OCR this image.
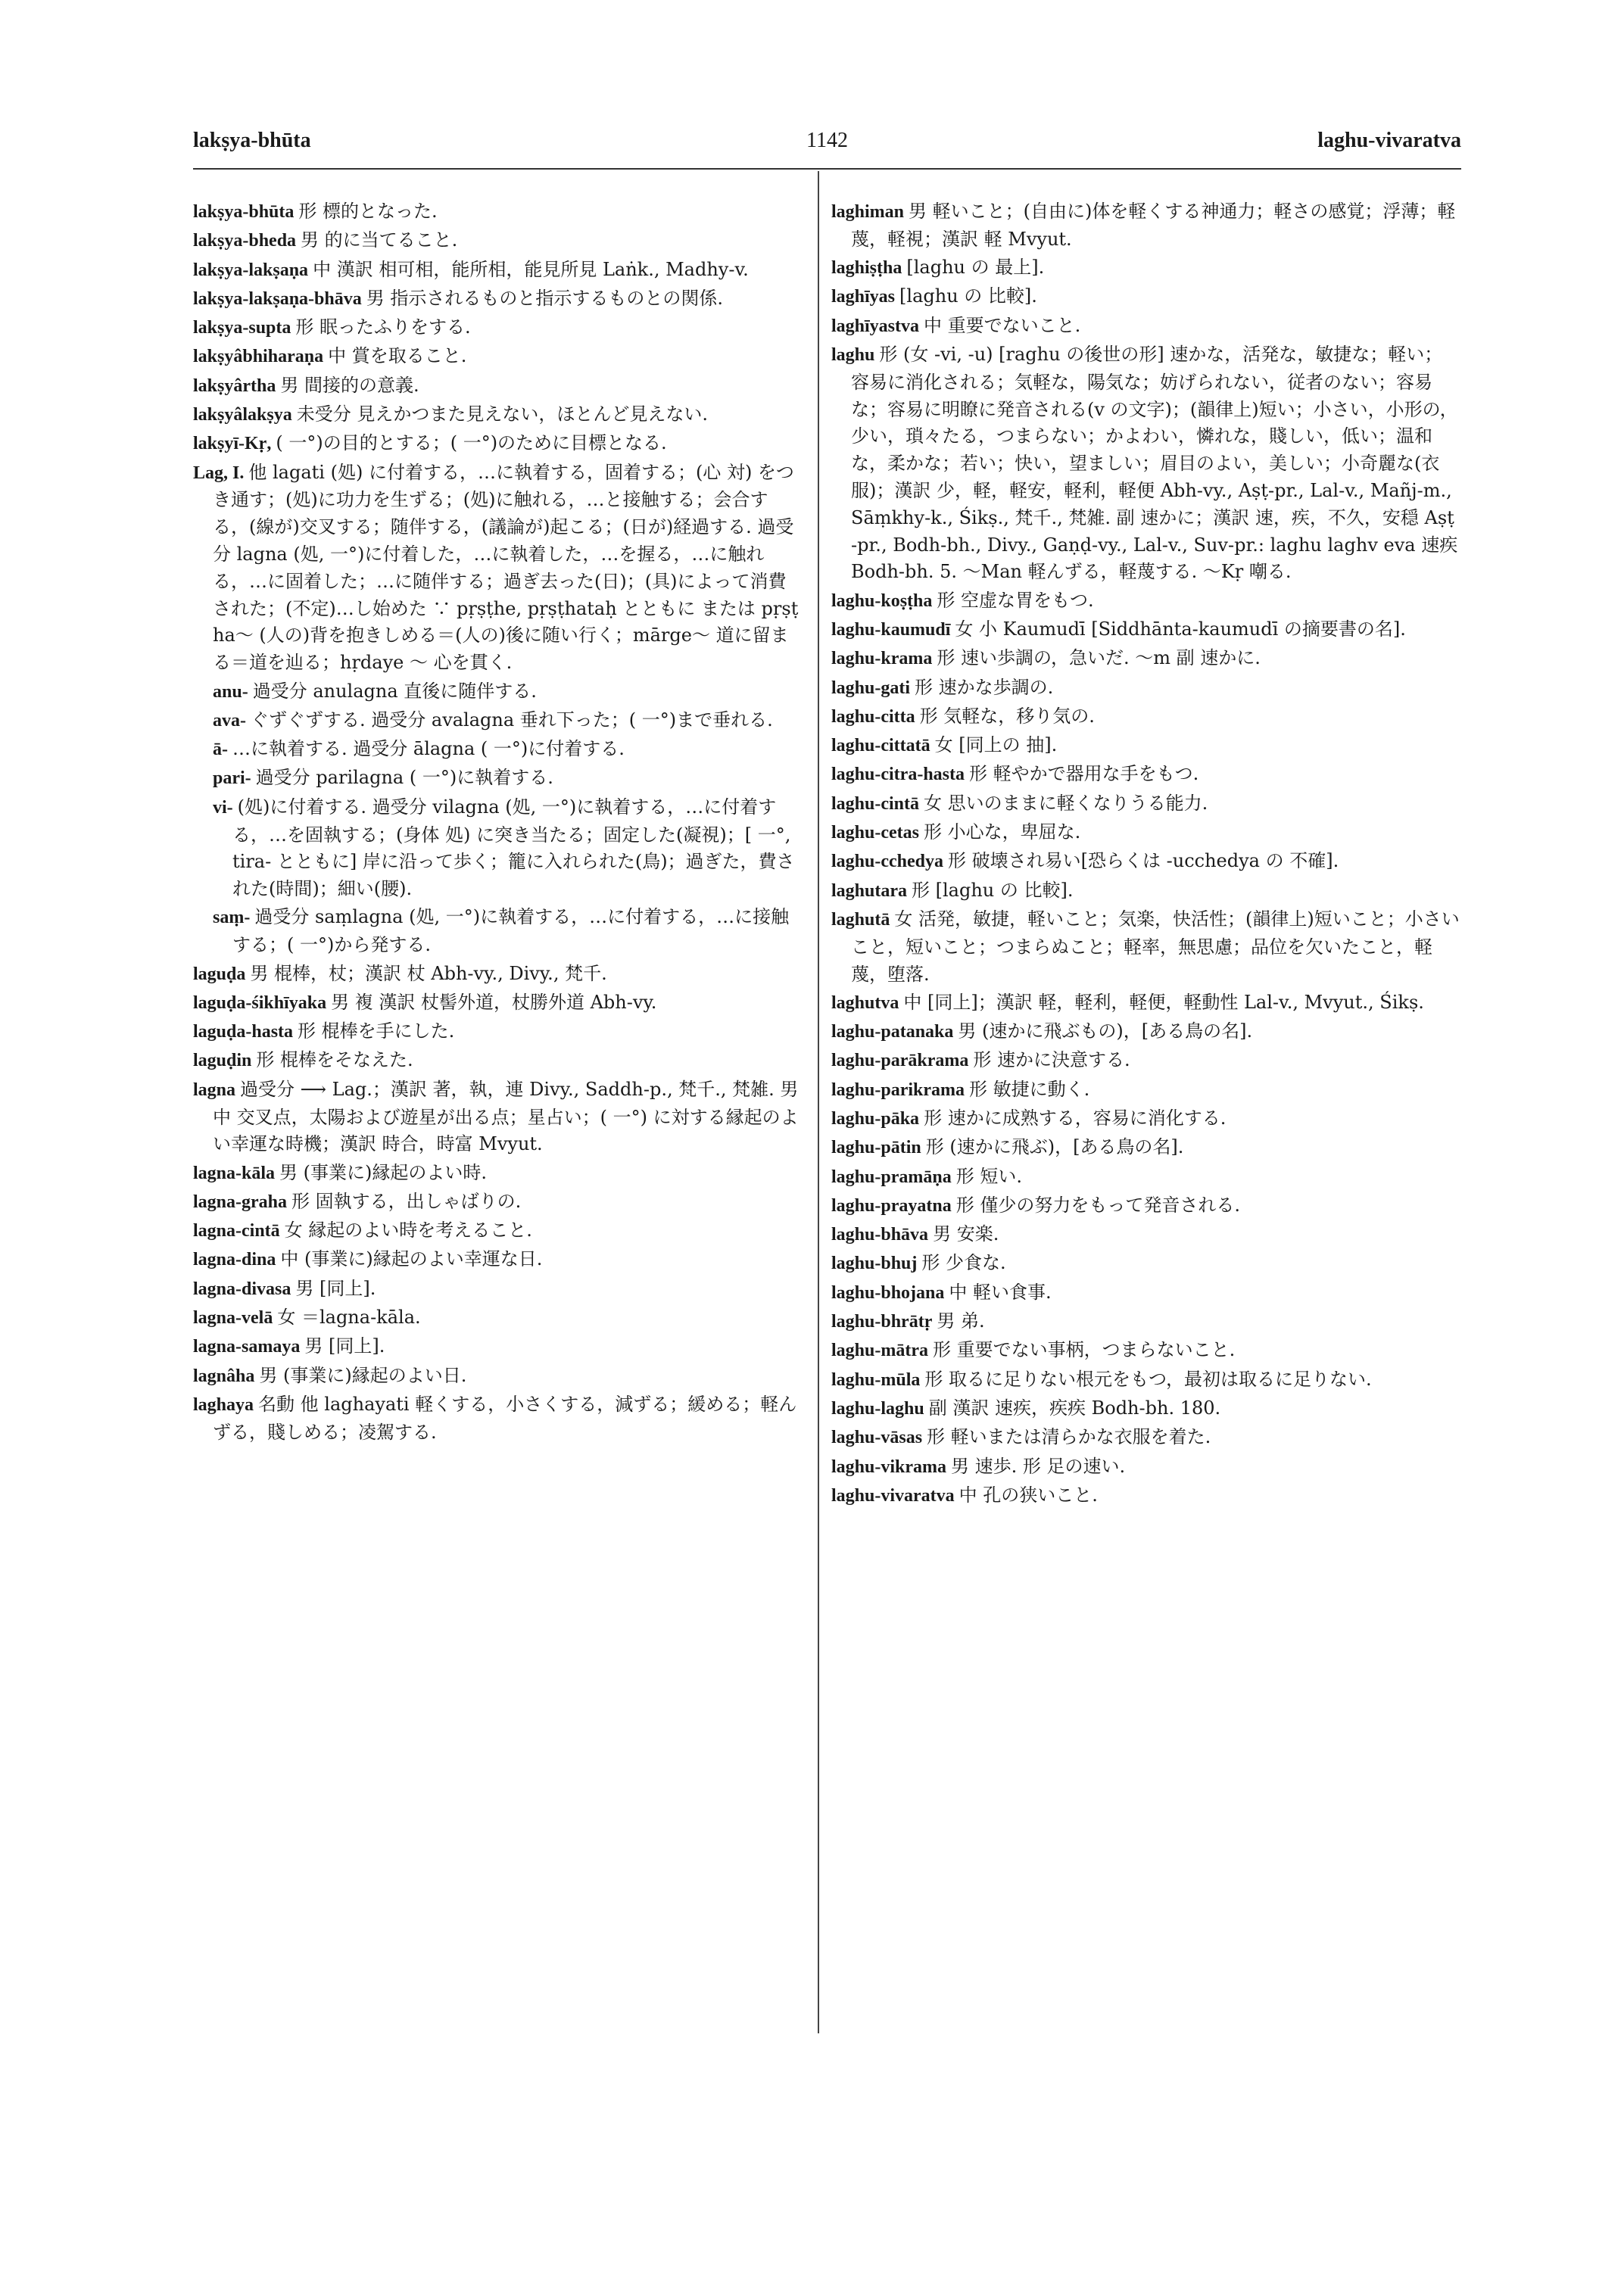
1142
lakṣya-bhūta	laghu-vivaratva
lakṣya-bhūta 形 標的となった.
lakṣya-bheda 男 的に当てること.
lakṣya-lakṣaṇa 中 漢訳 相可相，能所相，能見所見 Laṅk., Madhy-v.
lakṣya-lakṣaṇa-bhāva 男 指示されるものと指示するものとの関係.
lakṣya-supta 形 眠ったふりをする.
lakṣyâbhiharaṇa 中 賞を取ること.
lakṣyârtha 男 間接的の意義.
lakṣyâlakṣya 未受分 見えかつまた見えない，ほとんど見えない.
lakṣyī-Kṛ, ( 一°)の目的とする；( 一°)のために目標となる.
Lag, I. 他 lagati (処) に付着する，…に執着する，固着する；(心 対) をつき通す；(処)に功力を生ずる；(処)に触れる，…と接触する；会合する，(線が)交叉する；随伴する，(議論が)起こる；(日が)経過する. 過受分 lagna (処, 一°)に付着した，…に執着した，…を握る，…に触れる，…に固着した；…に随伴する；過ぎ去った(日)；(具)によって消費された；(不定)…し始めた ∵ pṛṣṭhe, pṛṣṭhataḥ とともに または pṛṣṭha～ (人の)背を抱きしめる＝(人の)後に随い行く；mārge～ 道に留まる＝道を辿る；hṛdaye ～ 心を貫く.
anu- 過受分 anulagna 直後に随伴する.
ava- ぐずぐずする. 過受分 avalagna 垂れ下った；( 一°)まで垂れる.
ā- …に執着する. 過受分 ālagna ( 一°)に付着する.
pari- 過受分 parilagna ( 一°)に執着する.
vi- (処)に付着する. 過受分 vilagna (処, 一°)に執着する，…に付着する，…を固執する；(身体 処) に突き当たる；固定した(凝視)；[ 一°, tira- とともに] 岸に沿って歩く；籠に入れられた(鳥)；過ぎた，費された(時間)；細い(腰).
saṃ- 過受分 saṃlagna (処, 一°)に執着する，…に付着する，…に接触する；( 一°)から発する.
laguḍa 男 棍棒，杖；漢訳 杖 Abh-vy., Divy., 梵千.
laguḍa-śikhīyaka 男 複 漢訳 杖髻外道，杖勝外道 Abh-vy.
laguḍa-hasta 形 棍棒を手にした.
laguḍin 形 棍棒をそなえた.
lagna 過受分 ⟶ Lag.；漢訳 著，執，連 Divy., Saddh-p., 梵千., 梵雑. 男 中 交叉点，太陽および遊星が出る点；星占い；( 一°) に対する縁起のよい幸運な時機；漢訳 時合，時富 Mvyut.
lagna-kāla 男 (事業に)縁起のよい時.
lagna-graha 形 固執する，出しゃばりの.
lagna-cintā 女 縁起のよい時を考えること.
lagna-dina 中 (事業に)縁起のよい幸運な日.
lagna-divasa 男 [同上].
lagna-velā 女 ＝lagna-kāla.
lagna-samaya 男 [同上].
lagnâha 男 (事業に)縁起のよい日.
laghaya 名動 他 laghayati 軽くする，小さくする，減ずる；緩める；軽んずる，賤しめる；凌駕する.
laghiman 男 軽いこと；(自由に)体を軽くする神通力；軽さの感覚；浮薄；軽蔑，軽視；漢訳 軽 Mvyut.
laghiṣṭha [laghu の 最上].
laghīyas [laghu の 比較].
laghīyastva 中 重要でないこと.
laghu 形 (女 -vi, -u) [raghu の後世の形] 速かな，活発な，敏捷な；軽い；容易に消化される；気軽な，陽気な；妨げられない，従者のない；容易な；容易に明瞭に発音される(v の文字)；(韻律上)短い；小さい，小形の，少い，瑣々たる，つまらない；かよわい，憐れな，賤しい，低い；温和な，柔かな；若い；快い，望ましい；眉目のよい，美しい；小奇麗な(衣服)；漢訳 少，軽，軽安，軽利，軽便 Abh-vy., Aṣṭ-pr., Lal-v., Mañj-m., Sāṃkhy-k., Śikṣ., 梵千., 梵雑. 副 速かに；漢訳 速，疾，不久，安穏 Aṣṭ-pr., Bodh-bh., Divy., Gaṇḍ-vy., Lal-v., Suv-pr.: laghu laghv eva 速疾 Bodh-bh. 5. ～Man 軽んずる，軽蔑する. ～Kṛ 嘲る.
laghu-koṣṭha 形 空虚な胃をもつ.
laghu-kaumudī 女 小 Kaumudī [Siddhānta-kaumudī の摘要書の名].
laghu-krama 形 速い歩調の，急いだ. ～m 副 速かに.
laghu-gati 形 速かな歩調の.
laghu-citta 形 気軽な，移り気の.
laghu-cittatā 女 [同上の 抽].
laghu-citra-hasta 形 軽やかで器用な手をもつ.
laghu-cintā 女 思いのままに軽くなりうる能力.
laghu-cetas 形 小心な，卑屈な.
laghu-cchedya 形 破壊され易い[恐らくは -ucchedya の 不確].
laghutara 形 [laghu の 比較].
laghutā 女 活発，敏捷，軽いこと；気楽，快活性；(韻律上)短いこと；小さいこと，短いこと；つまらぬこと；軽率，無思慮；品位を欠いたこと，軽蔑，堕落.
laghutva 中 [同上]；漢訳 軽，軽利，軽便，軽動性 Lal-v., Mvyut., Śikṣ.
laghu-patanaka 男 (速かに飛ぶもの)，[ある鳥の名].
laghu-parākrama 形 速かに決意する.
laghu-parikrama 形 敏捷に動く.
laghu-pāka 形 速かに成熟する，容易に消化する.
laghu-pātin 形 (速かに飛ぶ)，[ある鳥の名].
laghu-pramāṇa 形 短い.
laghu-prayatna 形 僅少の努力をもって発音される.
laghu-bhāva 男 安楽.
laghu-bhuj 形 少食な.
laghu-bhojana 中 軽い食事.
laghu-bhrātṛ 男 弟.
laghu-mātra 形 重要でない事柄，つまらないこと.
laghu-mūla 形 取るに足りない根元をもつ，最初は取るに足りない.
laghu-laghu 副 漢訳 速疾，疾疾 Bodh-bh. 180.
laghu-vāsas 形 軽いまたは清らかな衣服を着た.
laghu-vikrama 男 速歩. 形 足の速い.
laghu-vivaratva 中 孔の狭いこと.
